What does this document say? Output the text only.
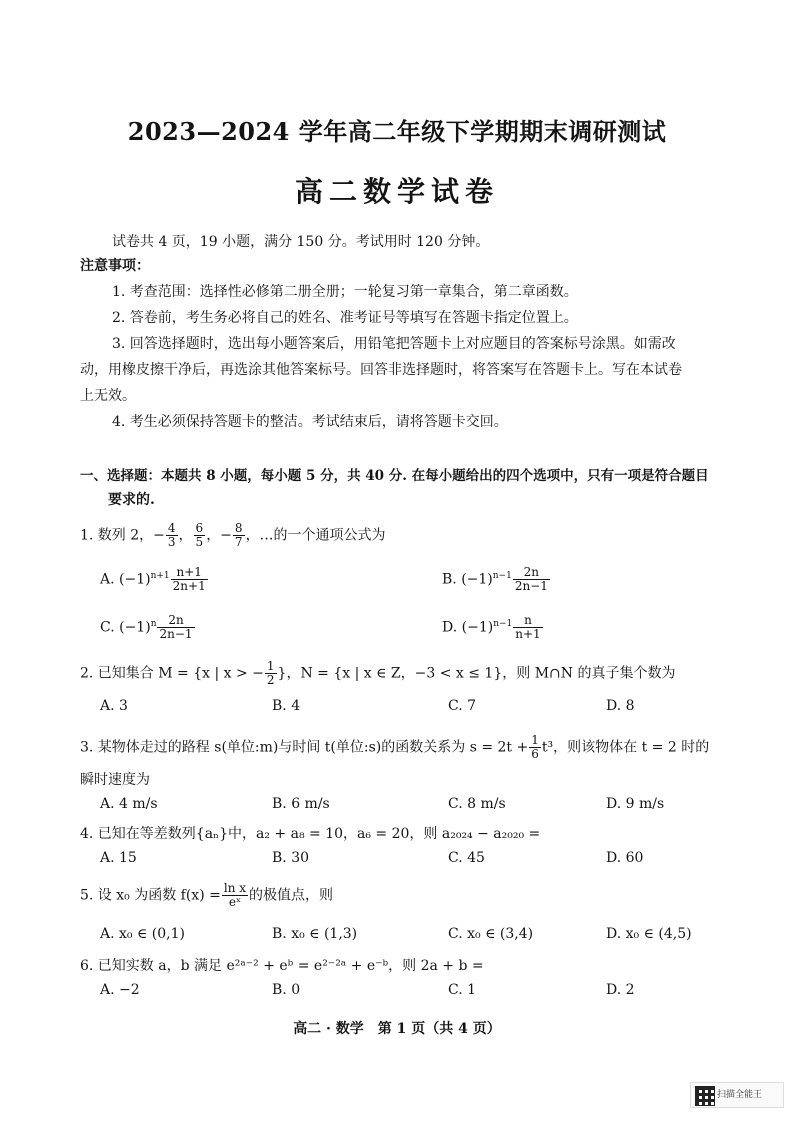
2023—2024 学年高二年级下学期期末调研测试
高二数学试卷
试卷共 4 页，19 小题，满分 150 分。考试用时 120 分钟。
注意事项：
1. 考查范围：选择性必修第二册全册；一轮复习第一章集合，第二章函数。
2. 答卷前，考生务必将自己的姓名、准考证号等填写在答题卡指定位置上。
3. 回答选择题时，选出每小题答案后，用铅笔把答题卡上对应题目的答案标号涂黑。如需改
动，用橡皮擦干净后，再选涂其他答案标号。回答非选择题时，将答案写在答题卡上。写在本试卷
上无效。
4. 考生必须保持答题卡的整洁。考试结束后，请将答题卡交回。
一、选择题：本题共 8 小题，每小题 5 分，共 40 分. 在每小题给出的四个选项中，只有一项是符合题目
要求的.
1. 数列 2，− $\frac{4}{3}$ ， $\frac{6}{5}$ ，− $\frac{8}{7}$ ，…的一个通项公式为
A. $(-1)^{n+1} \frac{n+1}{2n+1}$	B. $(-1)^{n-1} \frac{2n}{2n-1}$
C. $(-1)^n \frac{2n}{2n-1}$	D. $(-1)^{n-1} \frac{n}{n+1}$
2. 已知集合 M = {x | x > − $\frac{1}{2}$ }，N = {x | x ∈ Z，−3 < x ≤ 1}，则 M∩N 的真子集个数为
A. 3	B. 4	C. 7	D. 8
3. 某物体走过的路程 s(单位:m)与时间 t(单位:s)的函数关系为 $s = 2t + \frac{1}{6} t^3$，则该物体在 t = 2 时的
瞬时速度为
A. 4 m/s	B. 6 m/s	C. 8 m/s	D. 9 m/s
4. 已知在等差数列{aₙ}中，a₂ + a₈ = 10，a₆ = 20，则 a₂₀₂₄ − a₂₀₂₀ =
A. 15	B. 30	C. 45	D. 60
5. 设 x₀ 为函数 $f(x) = \frac{\text{ln x}}{\text{eˣ}}$ 的极值点，则
A. x₀ ∈ (0,1)	B. x₀ ∈ (1,3)	C. x₀ ∈ (3,4)	D. x₀ ∈ (4,5)
6. 已知实数 a，b 满足 e²ᵃ⁻² + eᵇ = e²⁻²ᵃ + e⁻ᵇ，则 2a + b =
A. −2	B. 0	C. 1	D. 2
高二 · 数学　第 1 页（共 4 页）
扫描全能王
